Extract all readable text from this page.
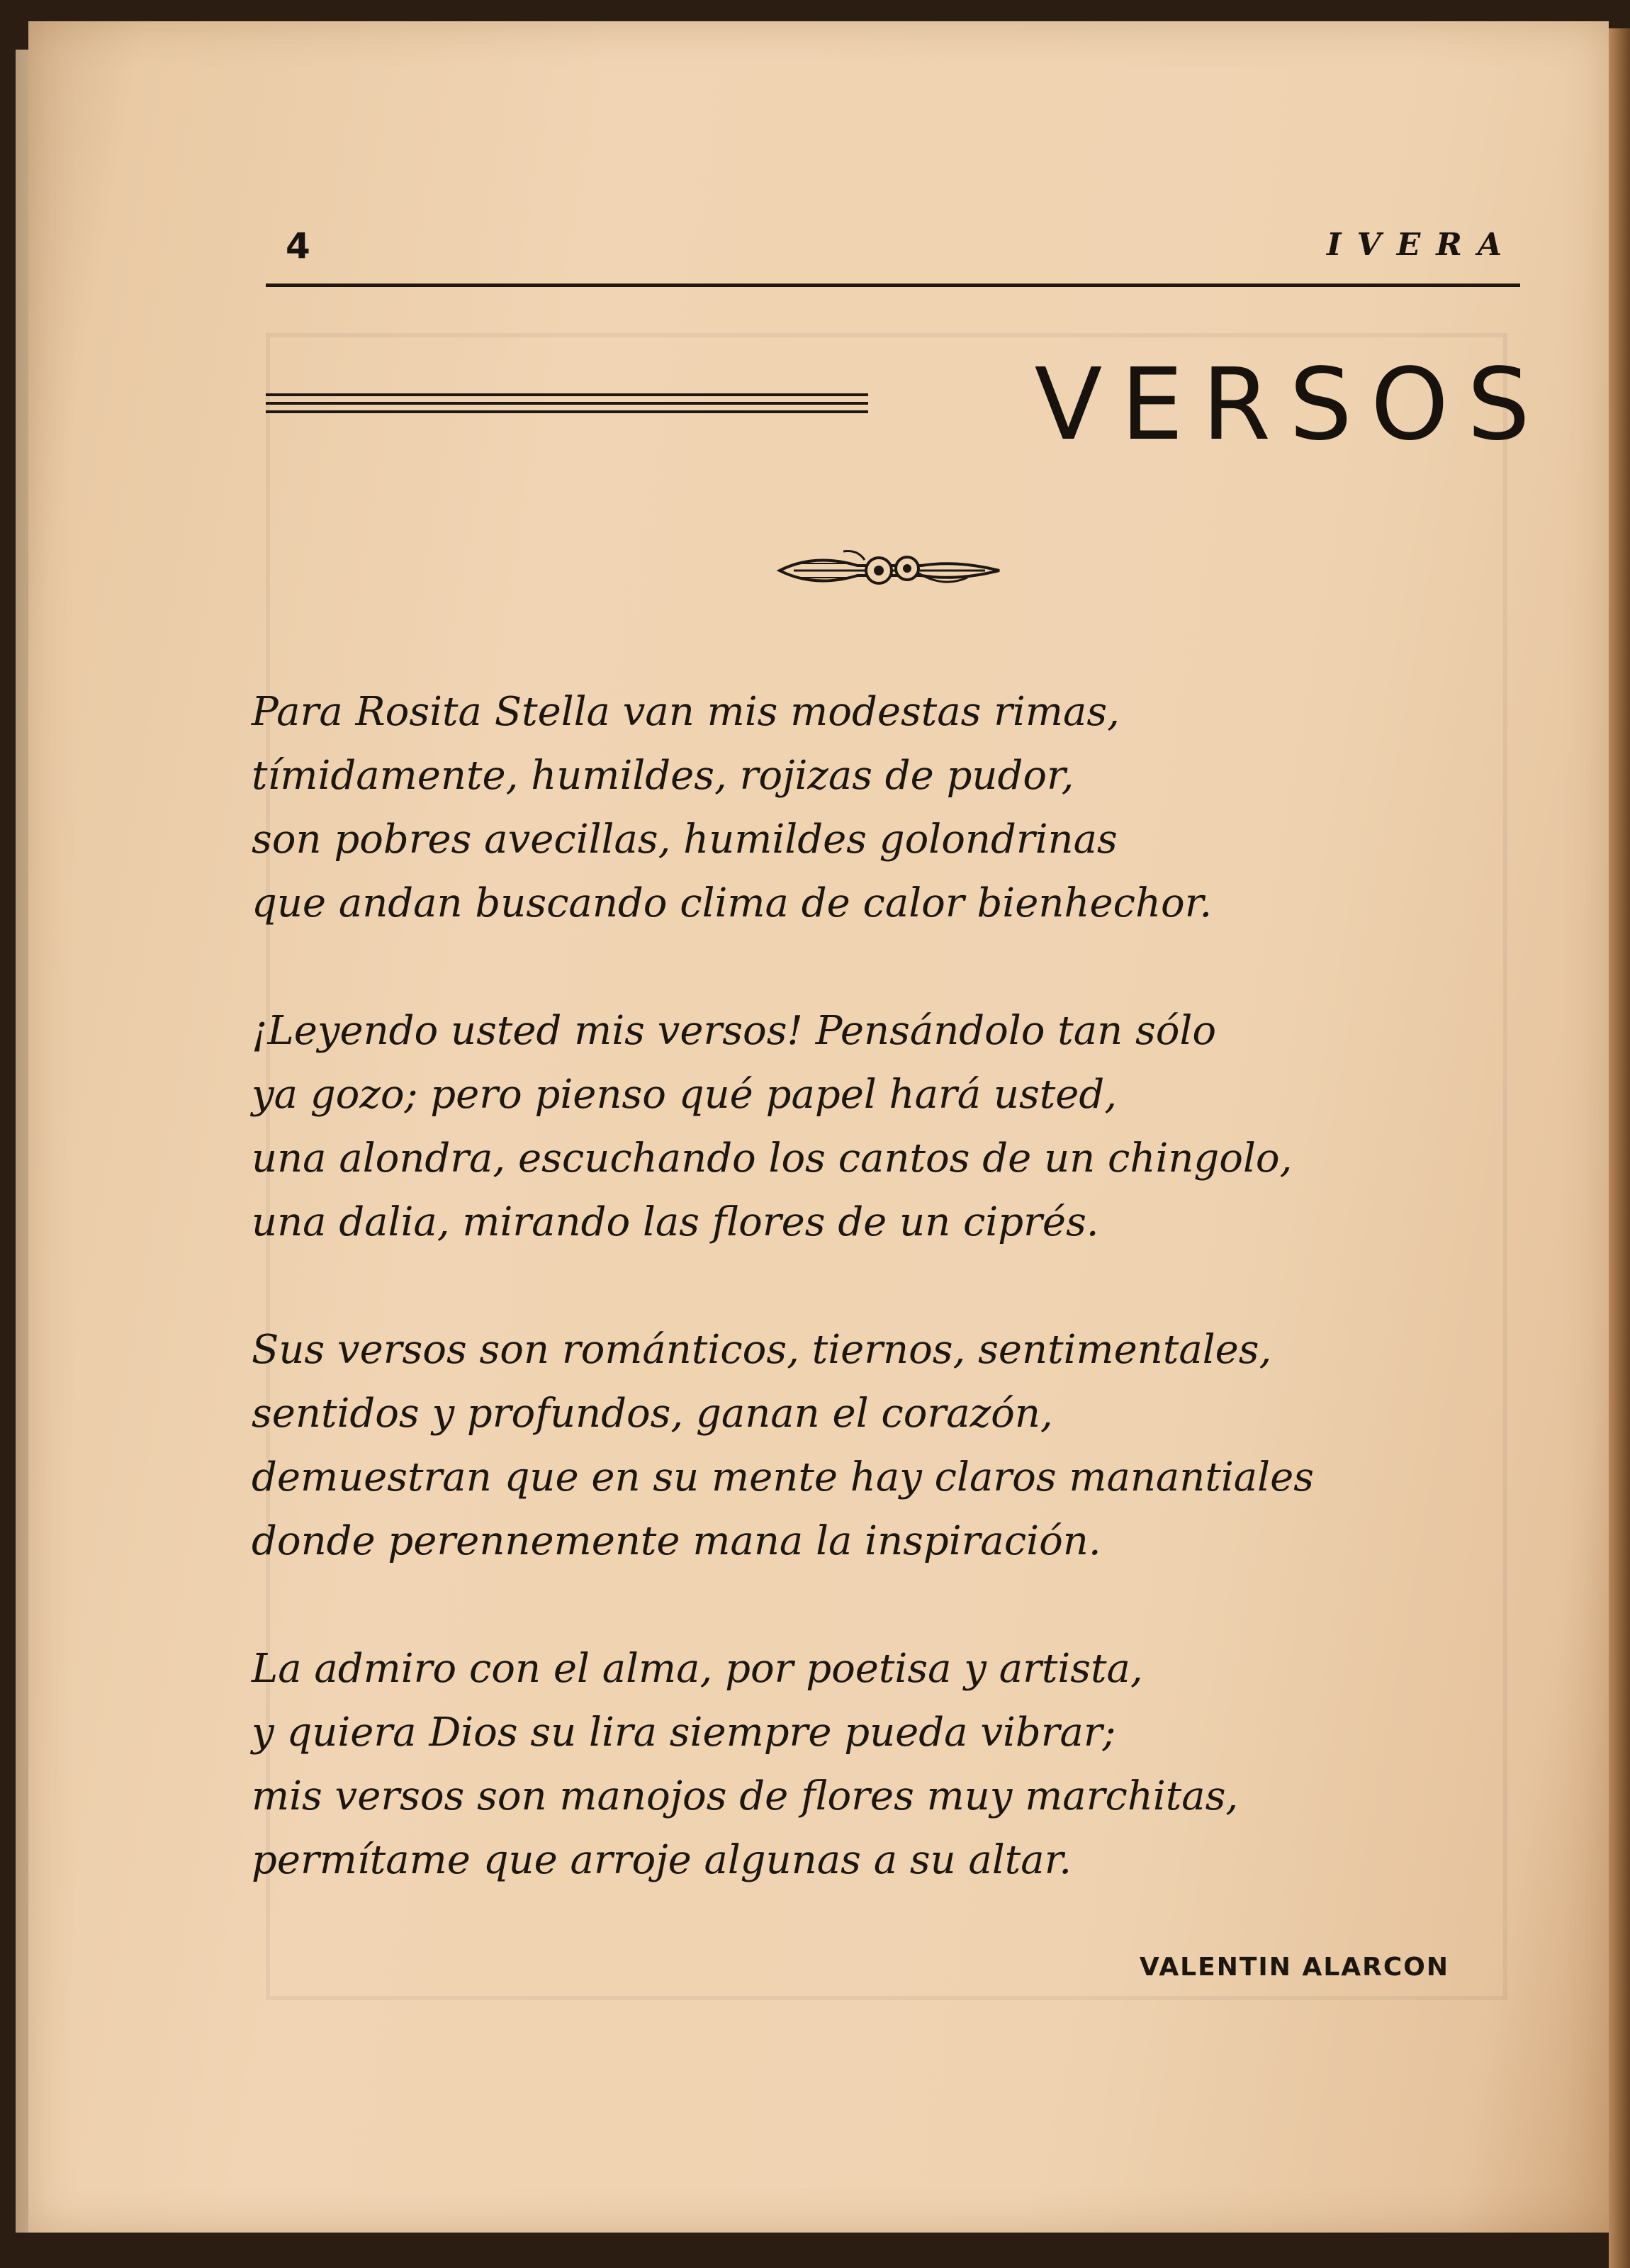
4	IVERA
VERSOS
Para Rosita Stella van mis modestas rimas,
tímidamente, humildes, rojizas de pudor,
son pobres avecillas, humildes golondrinas
que andan buscando clima de calor bienhechor.
¡Leyendo usted mis versos! Pensándolo tan sólo
ya gozo; pero pienso qué papel hará usted,
una alondra, escuchando los cantos de un chingolo,
una dalia, mirando las flores de un ciprés.
Sus versos son románticos, tiernos, sentimentales,
sentidos y profundos, ganan el corazón,
demuestran que en su mente hay claros manantiales
donde perennemente mana la inspiración.
La admiro con el alma, por poetisa y artista,
y quiera Dios su lira siempre pueda vibrar;
mis versos son manojos de flores muy marchitas,
permítame que arroje algunas a su altar.
VALENTIN ALARCON
